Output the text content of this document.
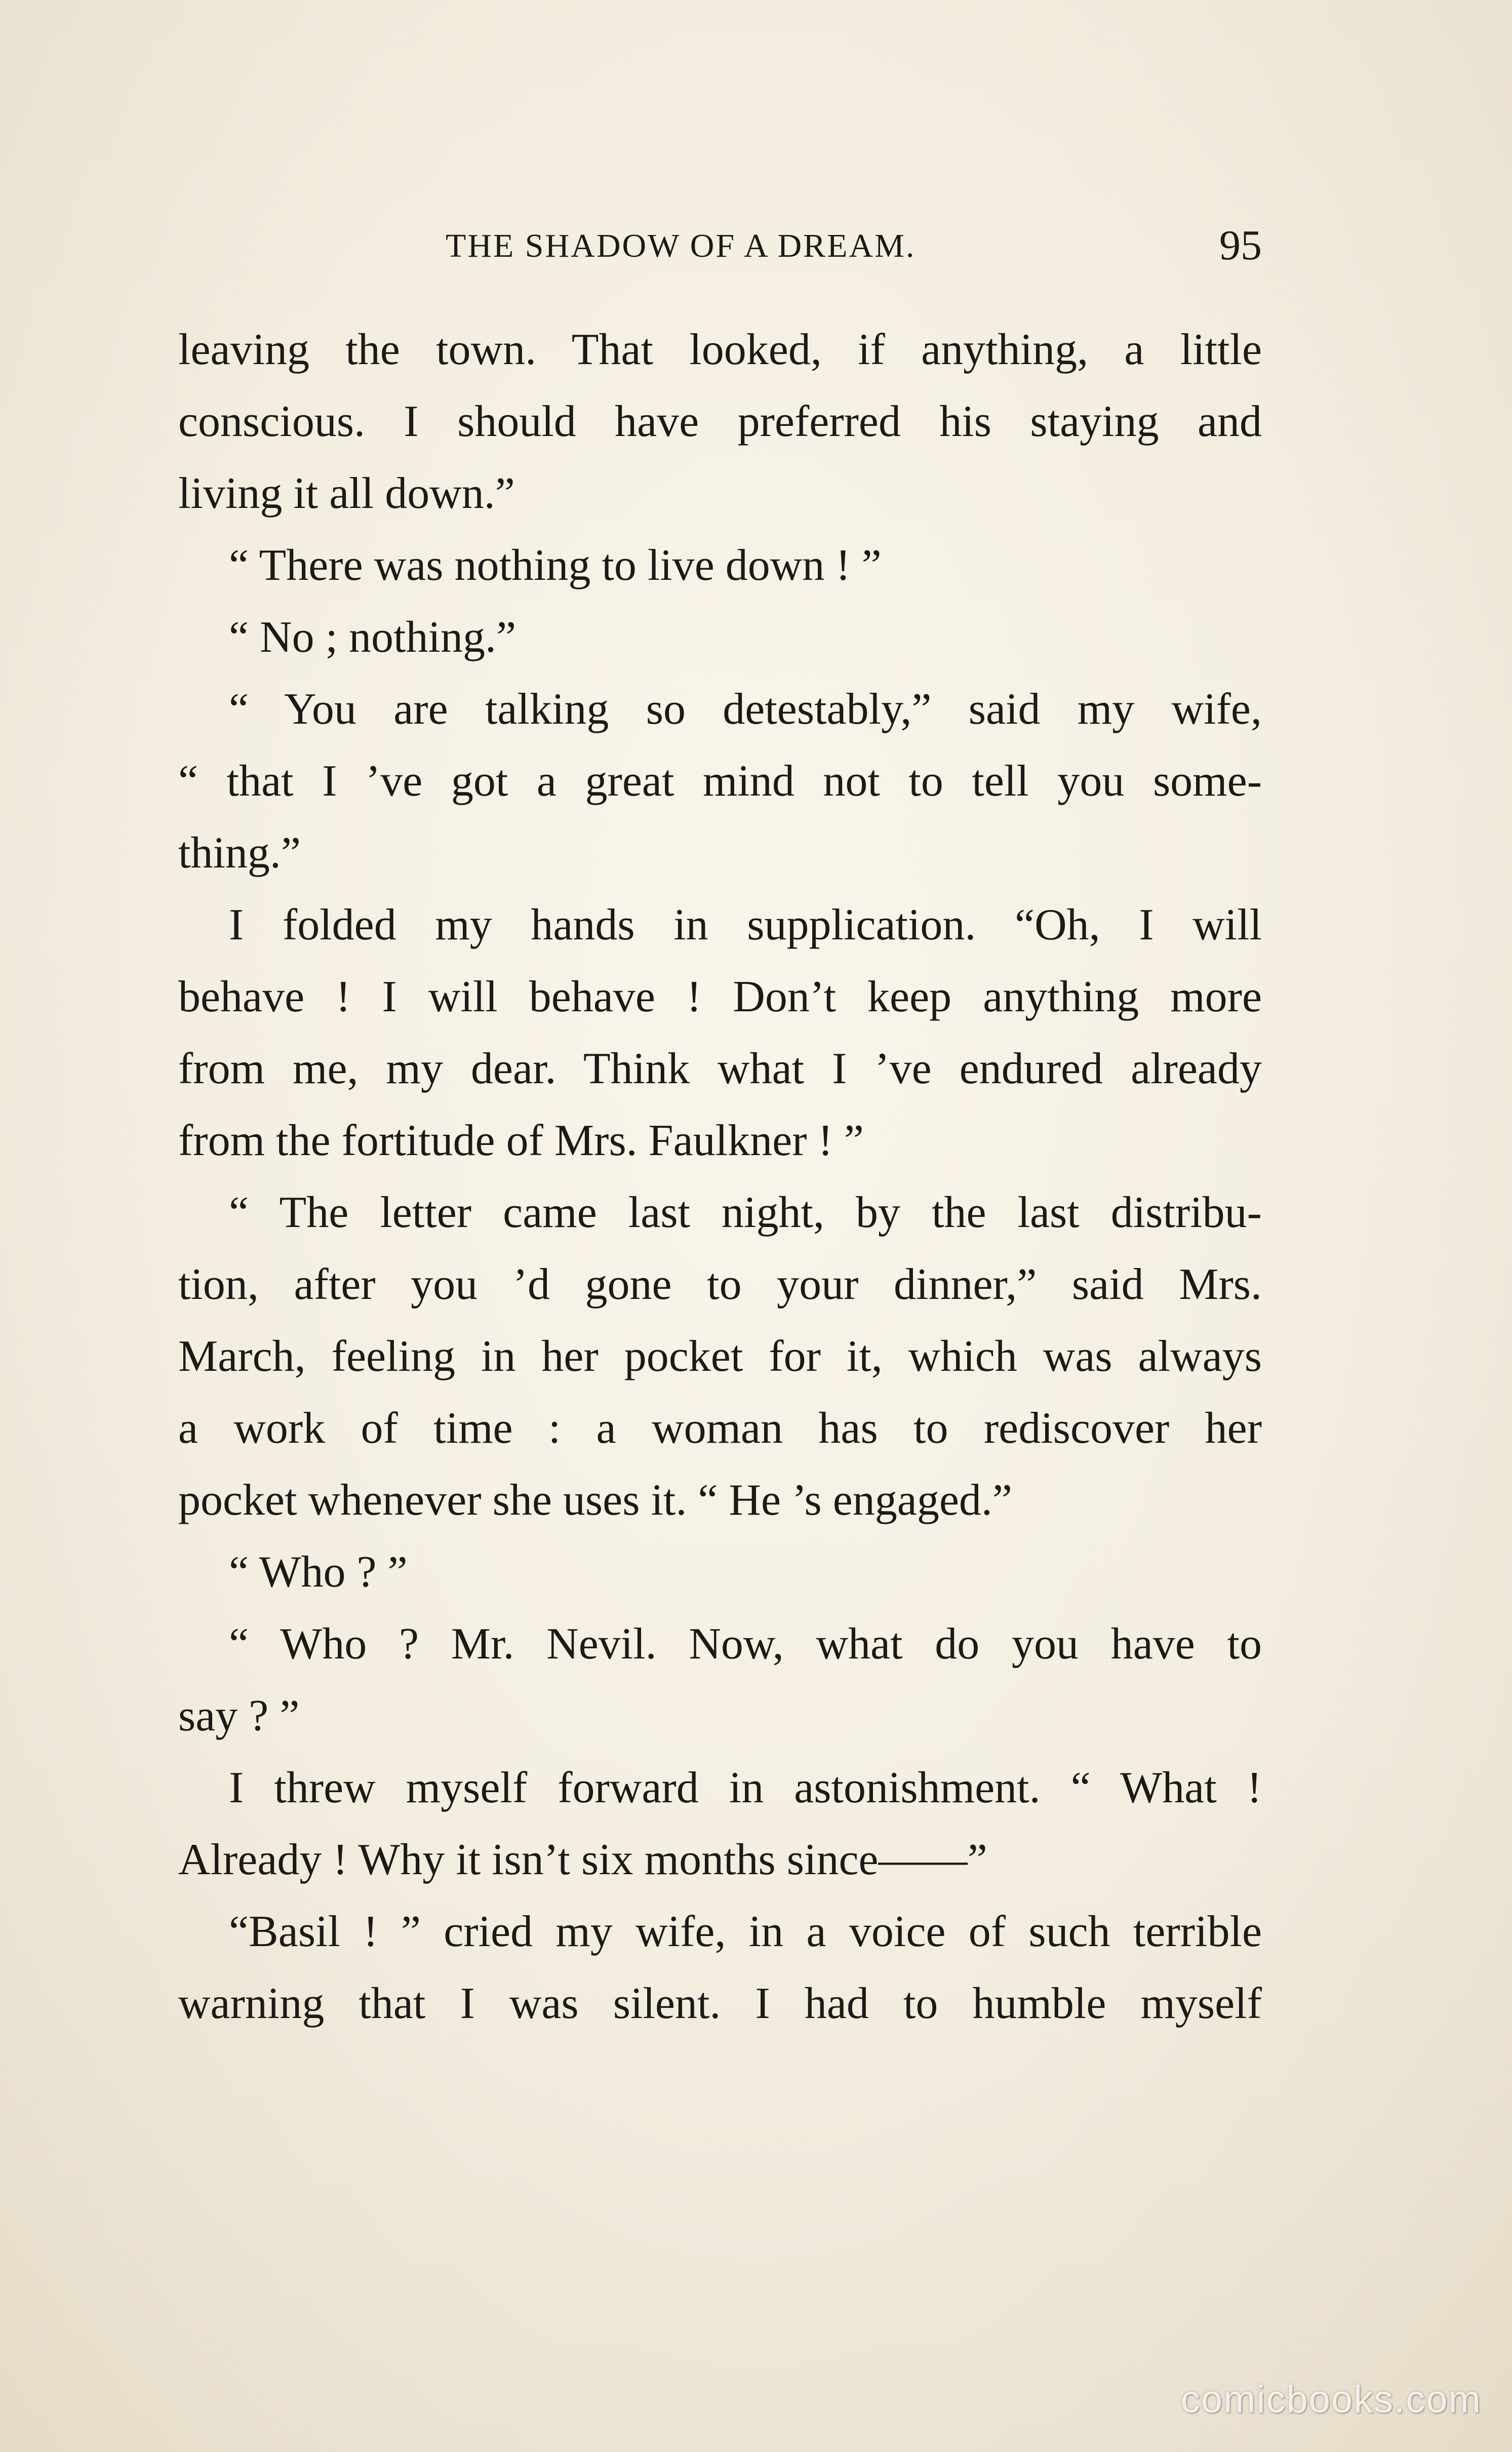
THE SHADOW OF A DREAM.	95
leaving the town. That looked, if anything, a little
conscious. I should have preferred his staying and
living it all down.”
“ There was nothing to live down ! ”
“ No ; nothing.”
“ You are talking so detestably,” said my wife,
“ that I ’ve got a great mind not to tell you some-
thing.”
I folded my hands in supplication. “Oh, I will
behave ! I will behave ! Don’t keep anything more
from me, my dear. Think what I ’ve endured already
from the fortitude of Mrs. Faulkner ! ”
“ The letter came last night, by the last distribu-
tion, after you ’d gone to your dinner,” said Mrs.
March, feeling in her pocket for it, which was always
a work of time : a woman has to rediscover her
pocket whenever she uses it. “ He ’s engaged.”
“ Who ? ”
“ Who ? Mr. Nevil. Now, what do you have to
say ? ”
I threw myself forward in astonishment. “ What !
Already ! Why it isn’t six months since——”
“Basil ! ” cried my wife, in a voice of such terrible
warning that I was silent. I had to humble myself
comicbooks.com
